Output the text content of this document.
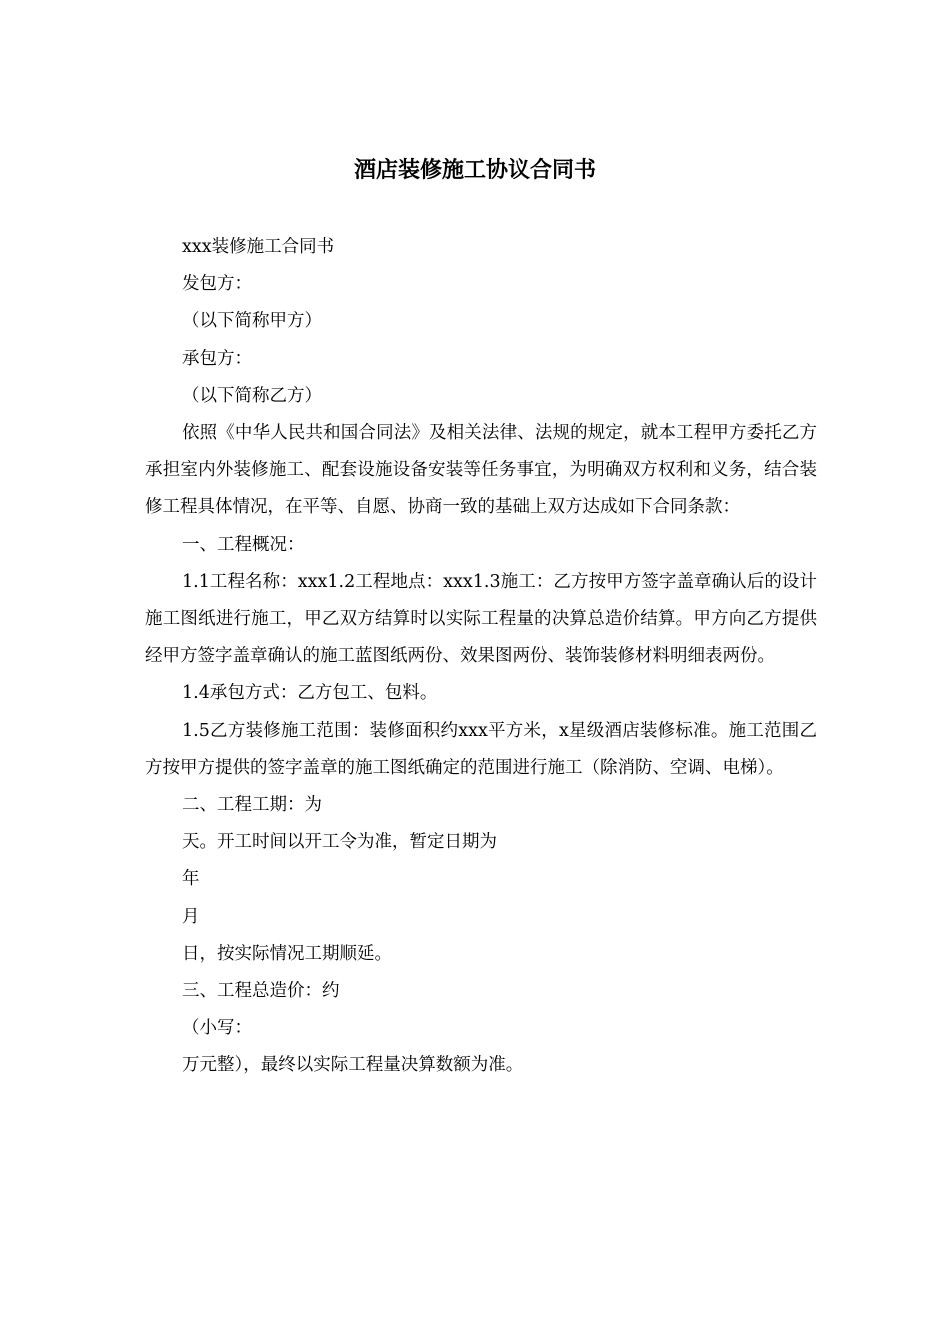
酒店装修施工协议合同书

xxx装修施工合同书

发包方：

（以下简称甲方）

承包方：

（以下简称乙方）

依照《中华人民共和国合同法》及相关法律、法规的规定，就本工程甲方委托乙方承担室内外装修施工、配套设施设备安装等任务事宜，为明确双方权利和义务，结合装修工程具体情况，在平等、自愿、协商一致的基础上双方达成如下合同条款：

一、工程概况：

1.1工程名称：xxx1.2工程地点：xxx1.3施工：乙方按甲方签字盖章确认后的设计施工图纸进行施工，甲乙双方结算时以实际工程量的决算总造价结算。甲方向乙方提供经甲方签字盖章确认的施工蓝图纸两份、效果图两份、装饰装修材料明细表两份。

1.4承包方式：乙方包工、包料。

1.5乙方装修施工范围：装修面积约xxx平方米，x星级酒店装修标准。施工范围乙方按甲方提供的签字盖章的施工图纸确定的范围进行施工（除消防、空调、电梯）。

二、工程工期：为

天。开工时间以开工令为准，暂定日期为

年

月

日，按实际情况工期顺延。

三、工程总造价：约

（小写：

万元整），最终以实际工程量决算数额为准。
